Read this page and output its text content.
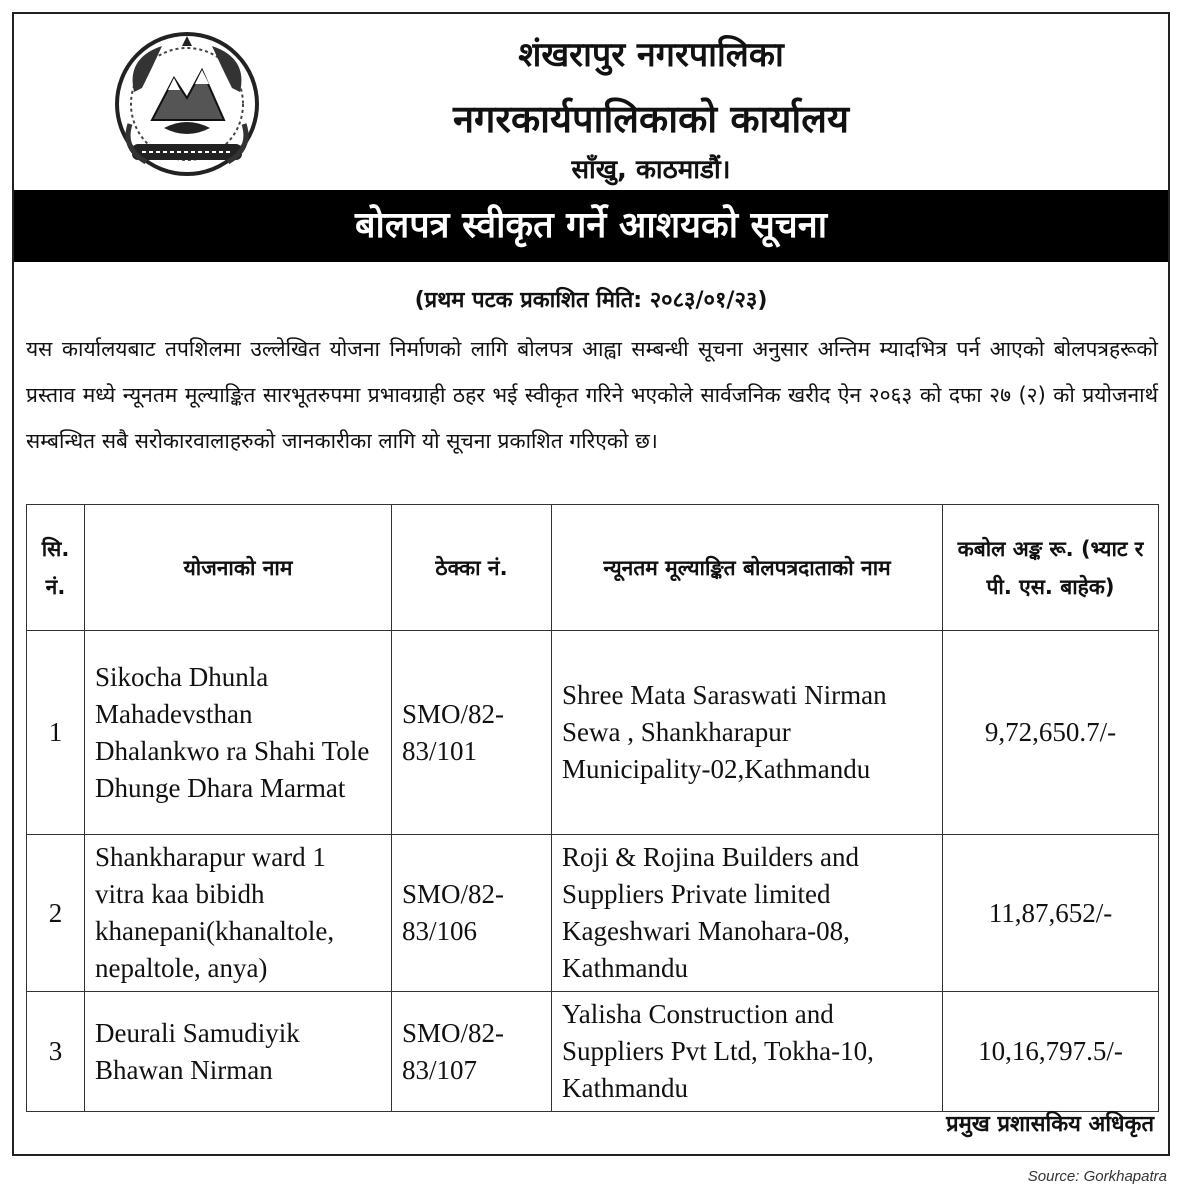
शंखरापुर नगरपालिका
नगरकार्यपालिकाको कार्यालय
साँखु, काठमाडौं।
बोलपत्र स्वीकृत गर्ने आशयको सूचना
(प्रथम पटक प्रकाशित मिति: २०८३/०१/२३)

यस कार्यालयबाट तपशिलमा उल्लेखित योजना निर्माणको लागि बोलपत्र आह्वा सम्बन्धी सूचना अनुसार अन्तिम म्यादभित्र पर्न आएको बोलपत्रहरूको प्रस्ताव मध्ये न्यूनतम मूल्याङ्कित सारभूतरुपमा प्रभावग्राही ठहर भई स्वीकृत गरिने भएकोले सार्वजनिक खरीद ऐन २०६३ को दफा २७ (२) को प्रयोजनार्थ सम्बन्धित सबै सरोकारवालाहरुको जानकारीका लागि यो सूचना प्रकाशित गरिएको छ।

सि. नं.	योजनाको नाम	ठेक्का नं.	न्यूनतम मूल्याङ्कित बोलपत्रदाताको नाम	कबोल अङ्क रू. (भ्याट र पी. एस. बाहेक)
1	Sikocha Dhunla Mahadevsthan Dhalankwo ra Shahi Tole Dhunge Dhara Marmat	SMO/82-83/101	Shree Mata Saraswati Nirman Sewa , Shankharapur Municipality-02,Kathmandu	9,72,650.7/-
2	Shankharapur ward 1 vitra kaa bibidh khanepani(khanaltole, nepaltole, anya)	SMO/82-83/106	Roji & Rojina Builders and Suppliers Private limited Kageshwari Manohara-08, Kathmandu	11,87,652/-
3	Deurali Samudiyik Bhawan Nirman	SMO/82-83/107	Yalisha Construction and Suppliers Pvt Ltd, Tokha-10, Kathmandu	10,16,797.5/-
प्रमुख प्रशासकिय अधिकृत
Source: Gorkhapatra
